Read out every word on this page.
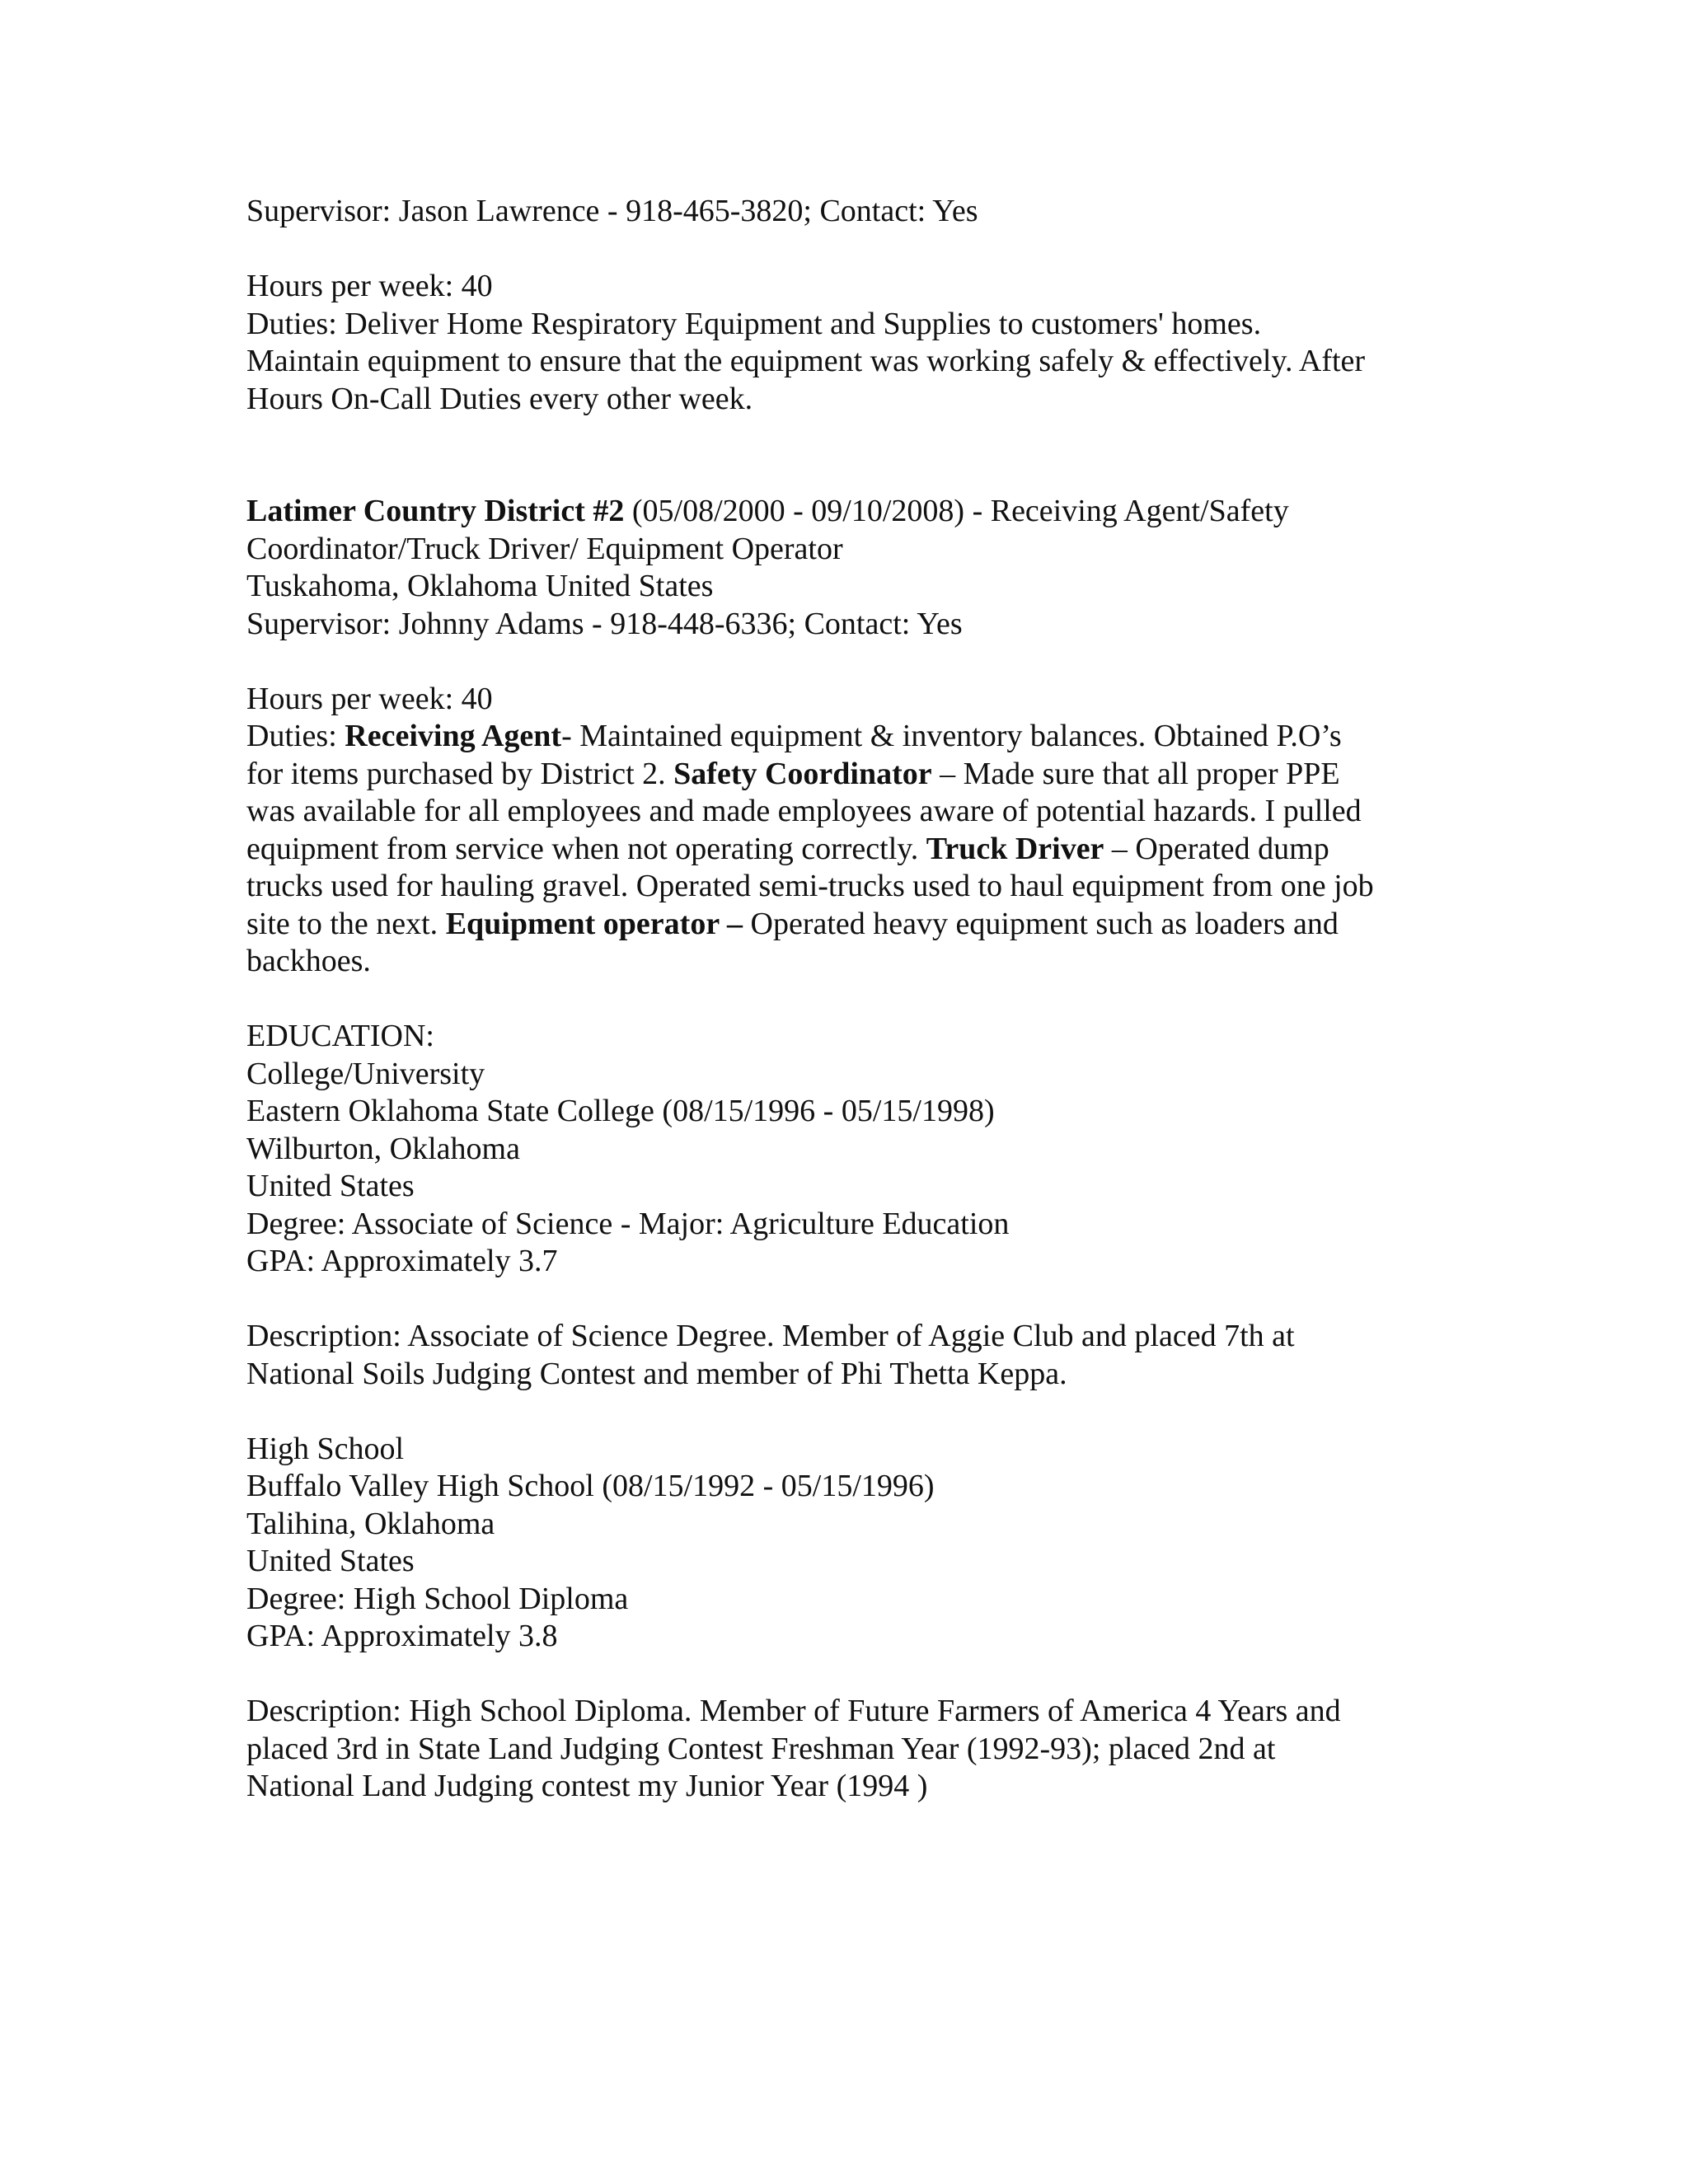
Supervisor: Jason Lawrence - 918-465-3820; Contact: Yes
Hours per week: 40
Duties: Deliver Home Respiratory Equipment and Supplies to customers' homes.
Maintain equipment to ensure that the equipment was working safely & effectively. After
Hours On-Call Duties every other week.
Latimer Country District #2 (05/08/2000 - 09/10/2008) - Receiving Agent/Safety
Coordinator/Truck Driver/ Equipment Operator
Tuskahoma, Oklahoma United States
Supervisor: Johnny Adams - 918-448-6336; Contact: Yes
Hours per week: 40
Duties: Receiving Agent- Maintained equipment & inventory balances. Obtained P.O’s
for items purchased by District 2. Safety Coordinator – Made sure that all proper PPE
was available for all employees and made employees aware of potential hazards. I pulled
equipment from service when not operating correctly. Truck Driver – Operated dump
trucks used for hauling gravel. Operated semi-trucks used to haul equipment from one job
site to the next. Equipment operator – Operated heavy equipment such as loaders and
backhoes.
EDUCATION:
College/University
Eastern Oklahoma State College (08/15/1996 - 05/15/1998)
Wilburton, Oklahoma
United States
Degree: Associate of Science - Major: Agriculture Education
GPA: Approximately 3.7
Description: Associate of Science Degree. Member of Aggie Club and placed 7th at
National Soils Judging Contest and member of Phi Thetta Keppa.
High School
Buffalo Valley High School (08/15/1992 - 05/15/1996)
Talihina, Oklahoma
United States
Degree: High School Diploma
GPA: Approximately 3.8
Description: High School Diploma. Member of Future Farmers of America 4 Years and
placed 3rd in State Land Judging Contest Freshman Year (1992-93); placed 2nd at
National Land Judging contest my Junior Year (1994 )
